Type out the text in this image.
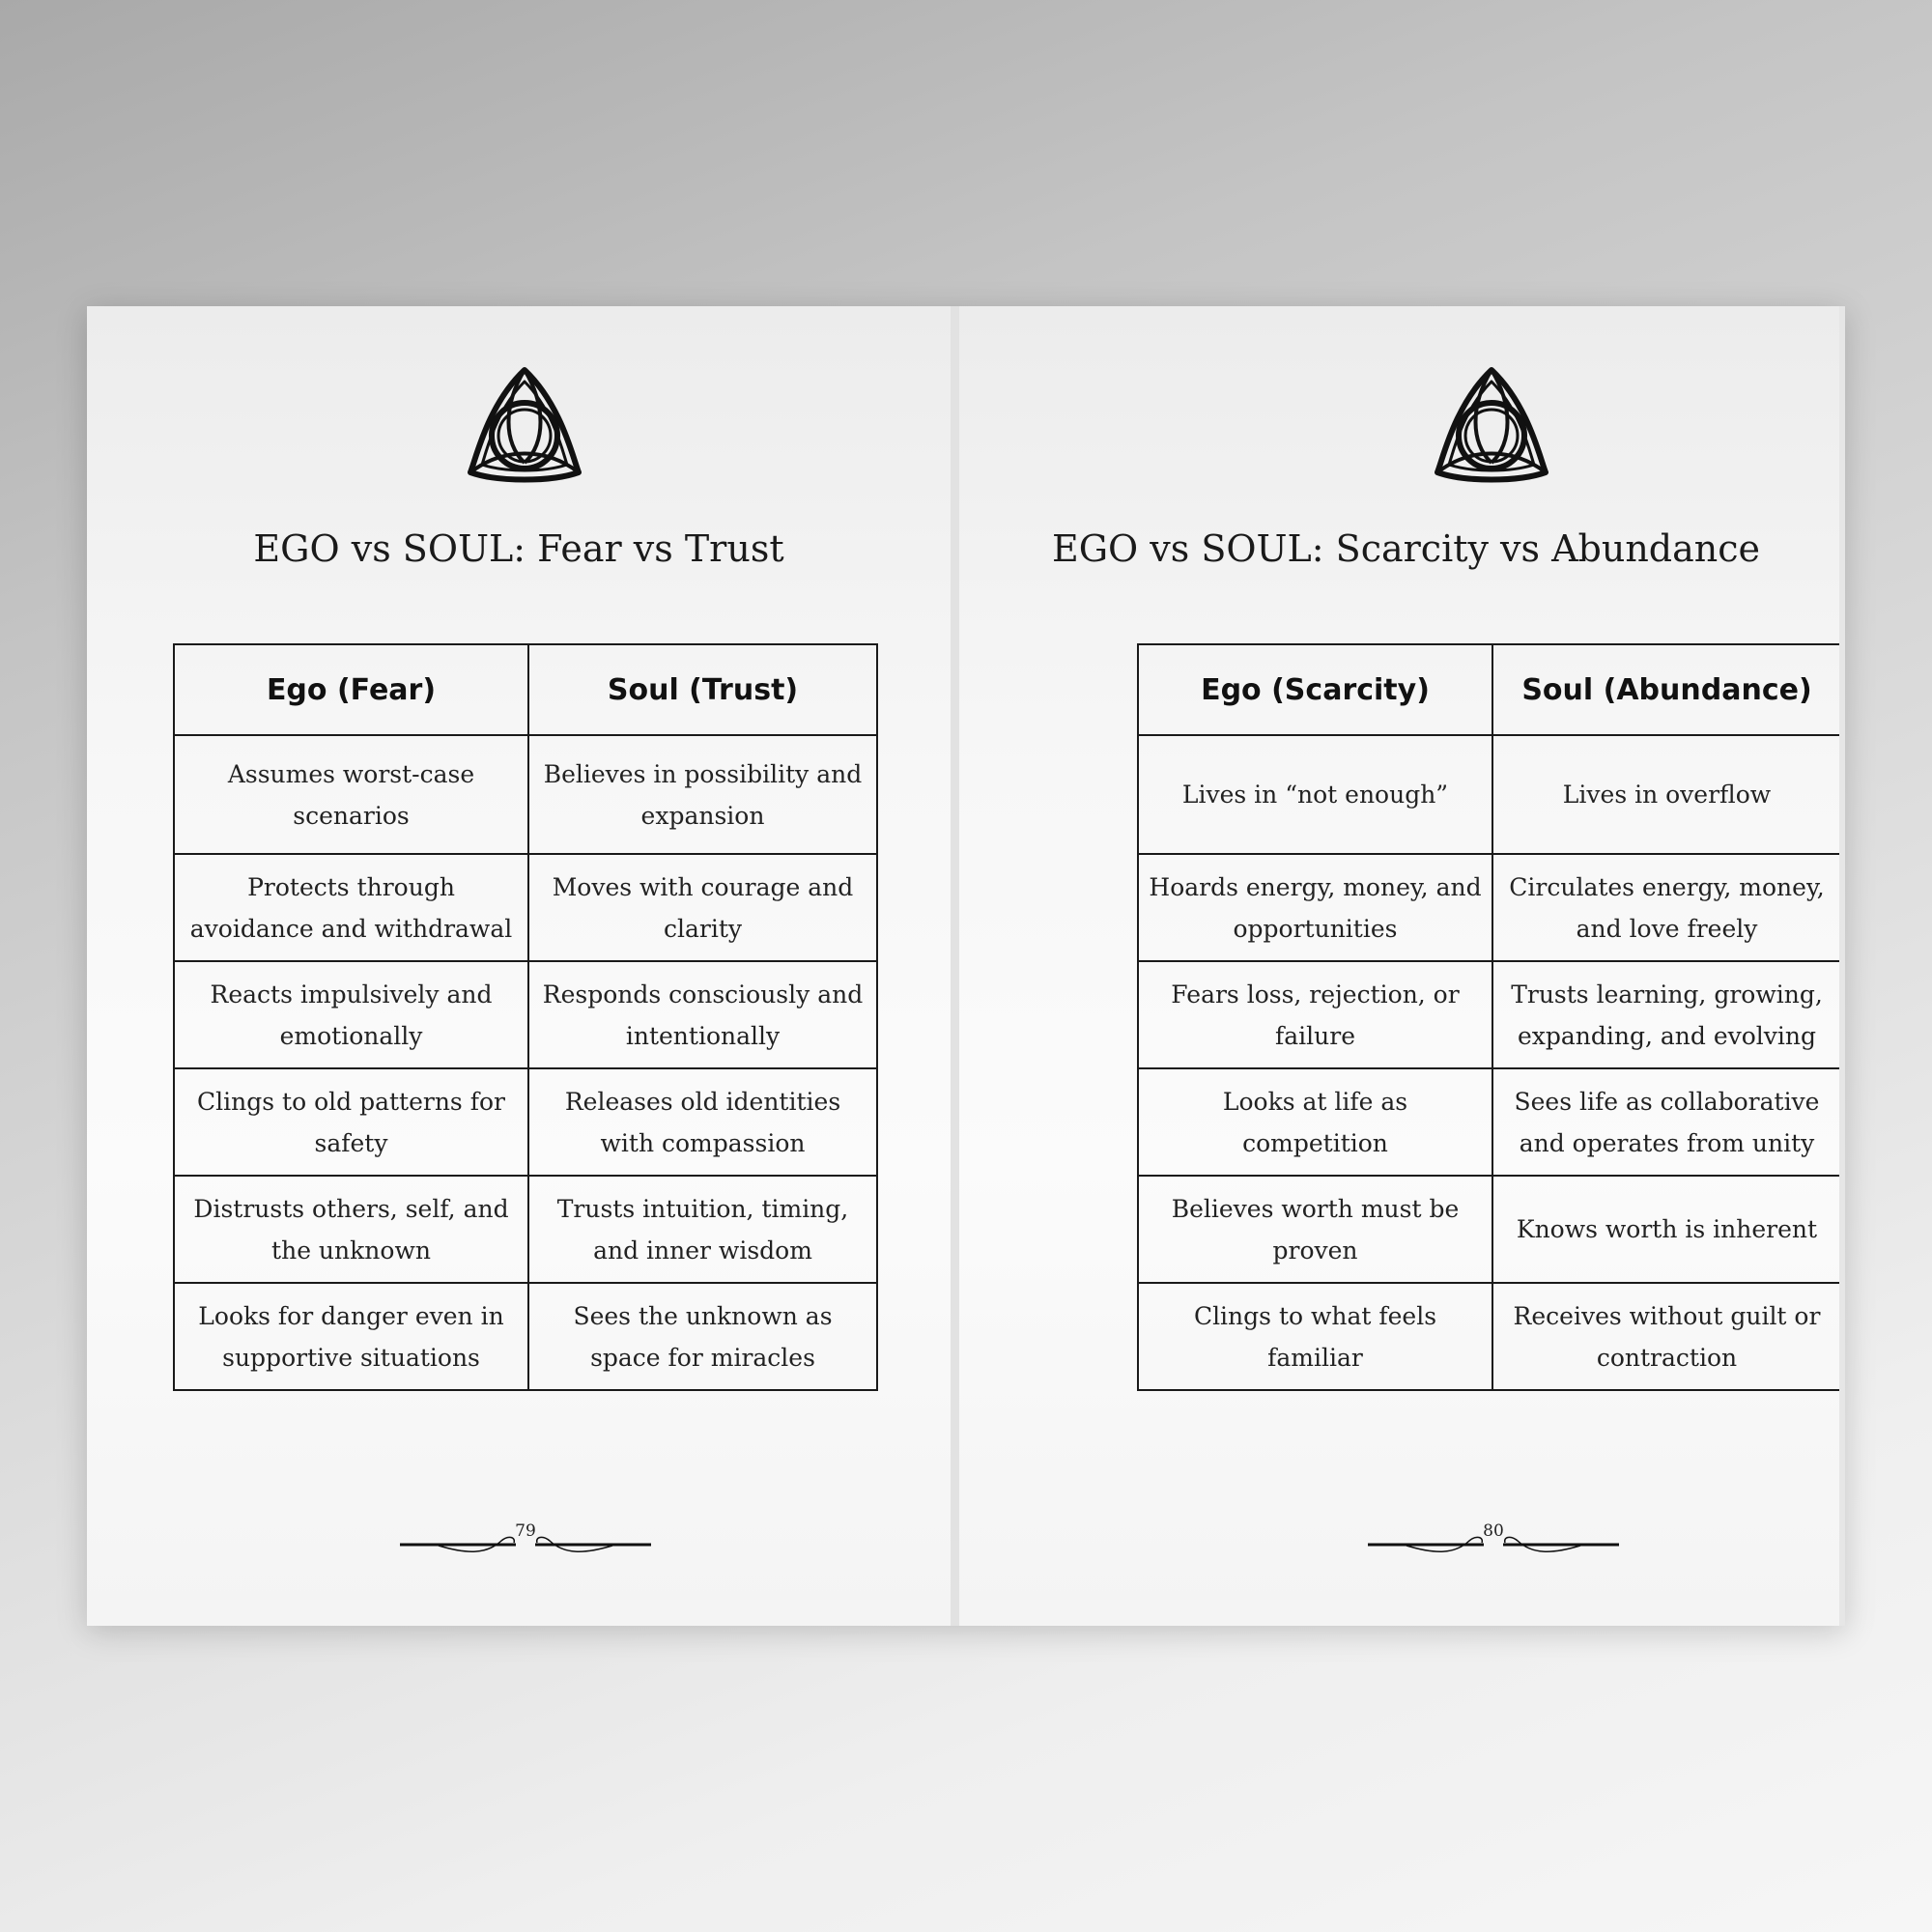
EGO vs SOUL: Fear vs Trust
Ego (Fear)	Soul (Trust)
Assumes worst-case scenarios	Believes in possibility and expansion
Protects through avoidance and withdrawal	Moves with courage and clarity
Reacts impulsively and emotionally	Responds consciously and intentionally
Clings to old patterns for safety	Releases old identities with compassion
Distrusts others, self, and the unknown	Trusts intuition, timing, and inner wisdom
Looks for danger even in supportive situations	Sees the unknown as space for miracles
79
EGO vs SOUL: Scarcity vs Abundance
Ego (Scarcity)	Soul (Abundance)
Lives in “not enough”	Lives in overflow
Hoards energy, money, and opportunities	Circulates energy, money, and love freely
Fears loss, rejection, or failure	Trusts learning, growing, expanding, and evolving
Looks at life as competition	Sees life as collaborative and operates from unity
Believes worth must be proven	Knows worth is inherent
Clings to what feels familiar	Receives without guilt or contraction
80
